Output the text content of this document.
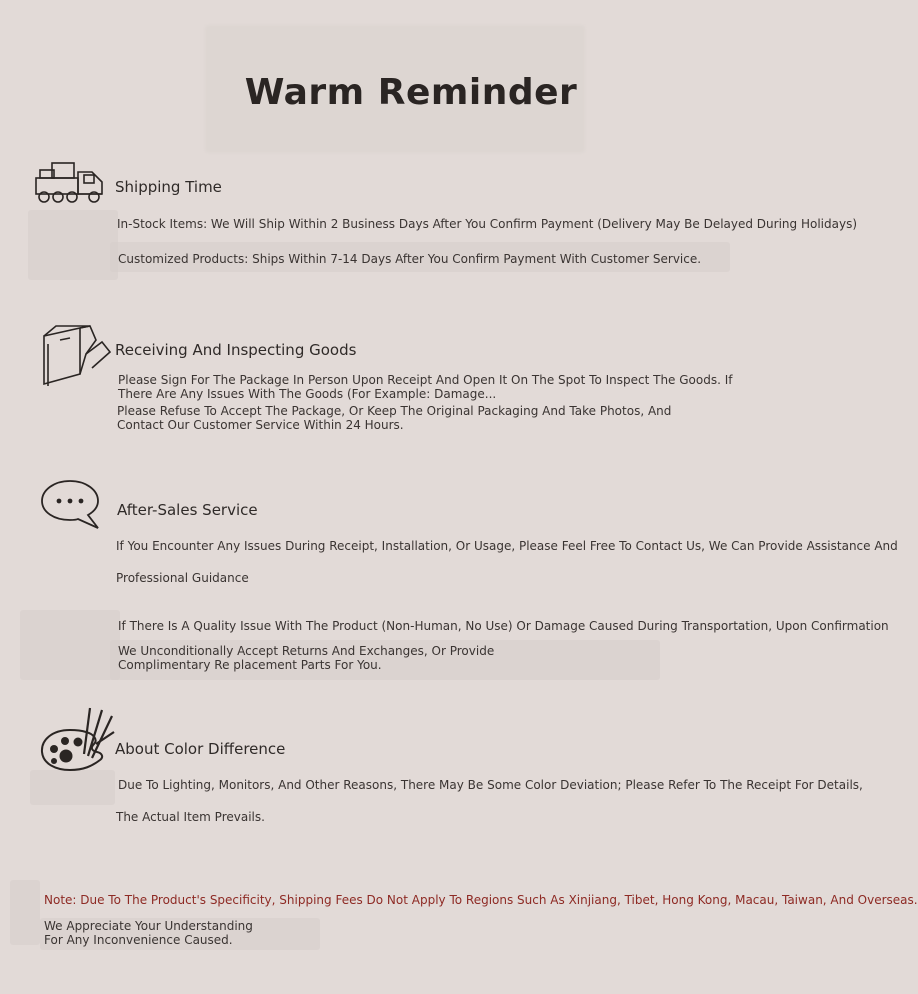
Warm Reminder
Shipping Time
In-Stock Items: We Will Ship Within 2 Business Days After You Confirm Payment (Delivery May Be Delayed During Holidays)
Customized Products: Ships Within 7-14 Days After You Confirm Payment With Customer Service.
Receiving And Inspecting Goods
Please Sign For The Package In Person Upon Receipt And Open It On The Spot To Inspect The Goods. If There Are Any Issues With The Goods (For Example: Damage...
Please Refuse To Accept The Package, Or Keep The Original Packaging And Take Photos, And Contact Our Customer Service Within 24 Hours.
After-Sales Service
If You Encounter Any Issues During Receipt, Installation, Or Usage, Please Feel Free To Contact Us, We Can Provide Assistance And
Professional Guidance
If There Is A Quality Issue With The Product (Non-Human, No Use) Or Damage Caused During Transportation, Upon Confirmation
We Unconditionally Accept Returns And Exchanges, Or Provide Complimentary Re placement Parts For You.
About Color Difference
Due To Lighting, Monitors, And Other Reasons, There May Be Some Color Deviation; Please Refer To The Receipt For Details,
The Actual Item Prevails.
Note: Due To The Product's Specificity, Shipping Fees Do Not Apply To Regions Such As Xinjiang, Tibet, Hong Kong, Macau, Taiwan, And Overseas.
We Appreciate Your Understanding For Any Inconvenience Caused.
